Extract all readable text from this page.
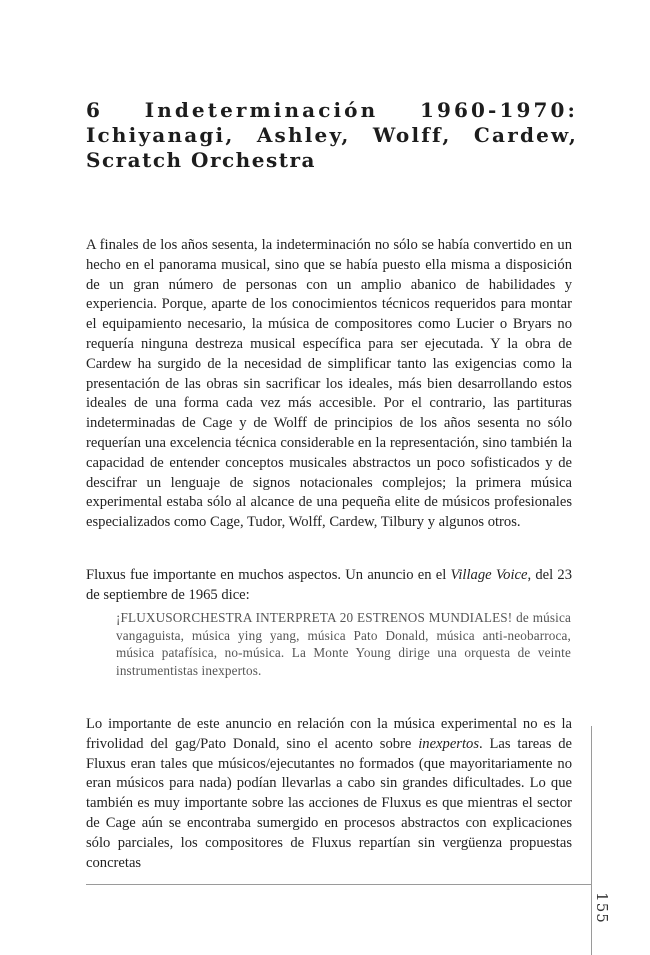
6 Indeterminación 1960-1970:
Ichiyanagi, Ashley, Wolff, Cardew,
Scratch Orchestra

A finales de los años sesenta, la indeterminación no sólo se había convertido en un hecho en el panorama musical, sino que se había puesto ella misma a disposición de un gran número de personas con un amplio abanico de habilidades y experiencia. Porque, aparte de los conocimientos técnicos requeridos para montar el equipamiento necesario, la música de compositores como Lucier o Bryars no requería ninguna destreza musical específica para ser ejecutada. Y la obra de Cardew ha surgido de la necesidad de simplificar tanto las exigencias como la presentación de las obras sin sacrificar los ideales, más bien desarrollando estos ideales de una forma cada vez más accesible. Por el contrario, las partituras indeterminadas de Cage y de Wolff de principios de los años sesenta no sólo requerían una excelencia técnica considerable en la representación, sino también la capacidad de entender conceptos musicales abstractos un poco sofisticados y de descifrar un lenguaje de signos notacionales complejos; la primera música experimental estaba sólo al alcance de una pequeña elite de músicos profesionales especializados como Cage, Tudor, Wolff, Cardew, Tilbury y algunos otros.

Fluxus fue importante en muchos aspectos. Un anuncio en el Village Voice, del 23 de septiembre de 1965 dice:

¡FLUXUSORCHESTRA INTERPRETA 20 ESTRENOS MUNDIALES! de música vangaguista, música ying yang, música Pato Donald, música anti-neobarroca, música patafísica, no-música. La Monte Young dirige una orquesta de veinte instrumentistas inexpertos.

Lo importante de este anuncio en relación con la música experimental no es la frivolidad del gag/Pato Donald, sino el acento sobre inexpertos. Las tareas de Fluxus eran tales que músicos/ejecutantes no formados (que mayoritariamente no eran músicos para nada) podían llevarlas a cabo sin grandes dificultades. Lo que también es muy importante sobre las acciones de Fluxus es que mientras el sector de Cage aún se encontraba sumergido en procesos abstractos con explicaciones sólo parciales, los compositores de Fluxus repartían sin vergüenza propuestas concretas

155
